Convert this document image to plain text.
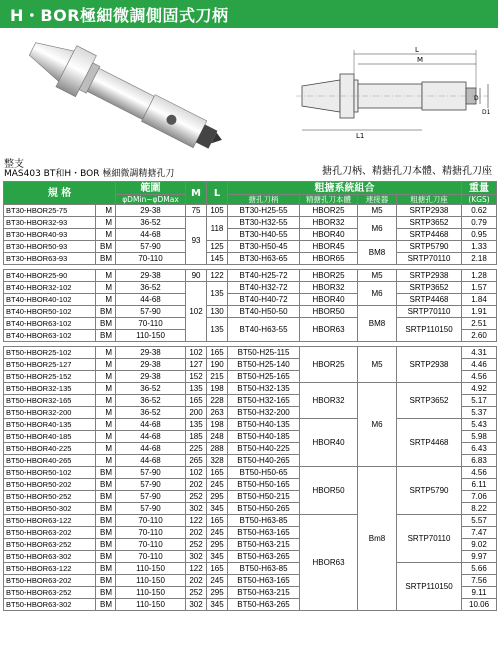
H・BOR極細微調側固式刀柄
L
M
L1
D
D1
整支
MAS403 BT和H・BOR 極細微調精搪孔刀	搪孔刀柄、精搪孔刀本體、精搪孔刀座
規 格		範圍	M	L	粗搪系統組合				重量
		φDMin~φDMax			搪孔刀柄	精搪孔刀本體	連接器	粗搪孔刀座	(KGS)
BT30-HBOR25-75	M	29-38	75	105	BT30-H25-55	HBOR25	M5	SRTP2938	0.62
BT30-HBOR32-93	M	36-52	93	118	BT30-H32-55	HBOR32	M6	SRTP3652	0.79
BT30-HBOR40-93	M	44-68			BT30-H40-55	HBOR40		SRTP4468	0.95
BT30-HBOR50-93	BM	57-90		125	BT30-H50-45	HBOR45	BM8	SRTP5790	1.33
BT30-HBOR63-93	BM	70-110		145	BT30-H63-65	HBOR65		SRTP70110	2.18

BT40-HBOR25-90	M	29-38	90	122	BT40-H25-72	HBOR25	M5	SRTP2938	1.28
BT40-HBOR32-102	M	36-52	102	135	BT40-H32-72	HBOR32	M6	SRTP3652	1.57
BT40-HBOR40-102	M	44-68			BT40-H40-72	HBOR40		SRTP4468	1.84
BT40-HBOR50-102	BM	57-90		130	BT40-H50-50	HBOR50	BM8	SRTP70110	1.91
BT40-HBOR63-102	BM	70-110		135	BT40-H63-55	HBOR63		SRTP110150	2.51
BT40-HBOR63-102	BM	110-150							2.60

BT50-HBOR25-102	M	29-38	102	165	BT50-H25-115	HBOR25	M5	SRTP2938	4.31
BT50-HBOR25-127	M	29-38	127	190	BT50-H25-140				4.46
BT50-HBOR25-152	M	29-38	152	215	BT50-H25-165				4.56
BT50-HBOR32-135	M	36-52	135	198	BT50-H32-135	HBOR32	M6	SRTP3652	4.92
BT50-HBOR32-165	M	36-52	165	228	BT50-H32-165				5.17
BT50-HBOR32-200	M	36-52	200	263	BT50-H32-200				5.37
BT50-HBOR40-135	M	44-68	135	198	BT50-H40-135	HBOR40		SRTP4468	5.43
BT50-HBOR40-185	M	44-68	185	248	BT50-H40-185				5.98
BT50-HBOR40-225	M	44-68	225	288	BT50-H40-225				6.43
BT50-HBOR40-265	M	44-68	265	328	BT50-H40-265				6.83
BT50-HBOR50-102	BM	57-90	102	165	BT50-H50-65	HBOR50	Bm8	SRTP5790	4.56
BT50-HBOR50-202	BM	57-90	202	245	BT50-H50-165				6.11
BT50-HBOR50-252	BM	57-90	252	295	BT50-H50-215				7.06
BT50-HBOR50-302	BM	57-90	302	345	BT50-H50-265				8.22
BT50-HBOR63-122	BM	70-110	122	165	BT50-H63-85	HBOR63		SRTP70110	5.57
BT50-HBOR63-202	BM	70-110	202	245	BT50-H63-165				7.47
BT50-HBOR63-252	BM	70-110	252	295	BT50-H63-215				9.02
BT50-HBOR63-302	BM	70-110	302	345	BT50-H63-265				9.97
BT50-HBOR63-122	BM	110-150	122	165	BT50-H63-85			SRTP110150	5.66
BT50-HBOR63-202	BM	110-150	202	245	BT50-H63-165				7.56
BT50-HBOR63-252	BM	110-150	252	295	BT50-H63-215				9.11
BT50-HBOR63-302	BM	110-150	302	345	BT50-H63-265				10.06
